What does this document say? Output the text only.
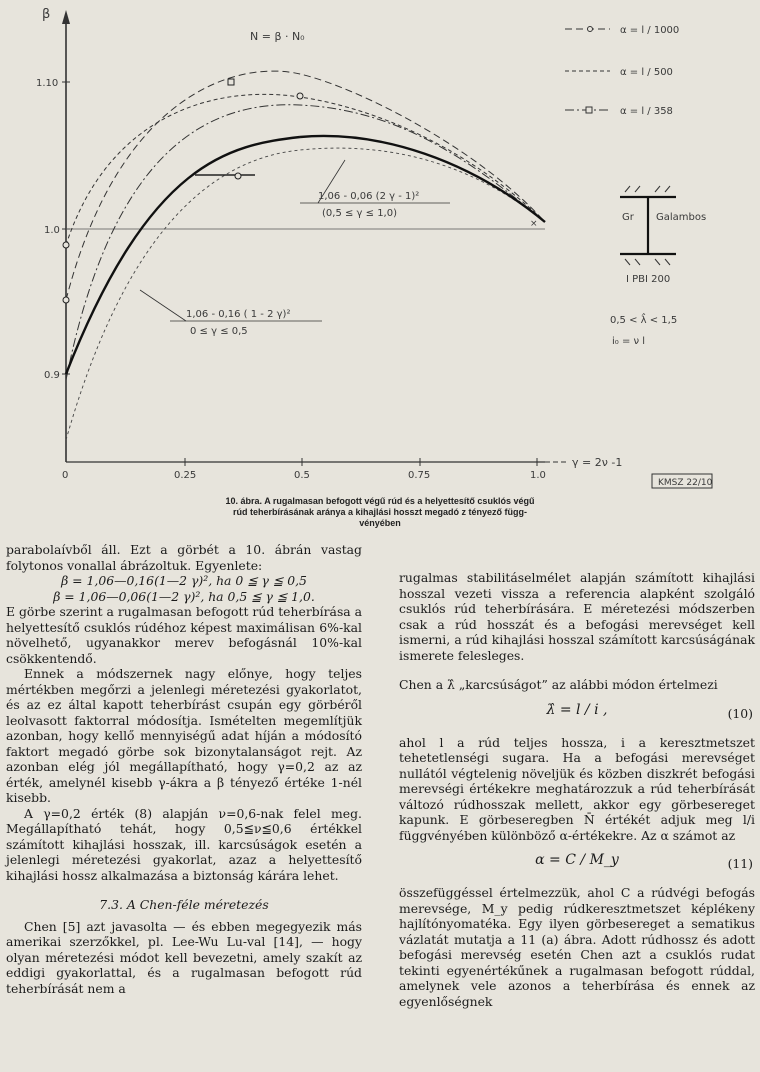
β
γ = 2ν -1
N = β · N₀
1.10
1.0
0.9
0	0.25	0.5	0.75	1.0
×
1,06 - 0,06 (2 γ - 1)²
(0,5 ≤ γ ≤ 1,0)
1,06 - 0,16 ( 1 - 2 γ)²
0 ≤ γ ≤ 0,5
α = l / 1000
α = l / 500
α = l / 358
Gr Galambos
I PBI 200
0,5 < λ̂ < 1,5
i₀ = ν l
KMSZ 22/10

10. ábra. A rugalmasan befogott végű rúd és a helyettesítő csuklós végű

rúd teherbírásának aránya a kihajlási hosszt megadó z tényező függ-

vényében

parabolaívből áll. Ezt a görbét a 10. ábrán vastag folytonos vonallal ábrázoltuk. Egyenlete:

β = 1,06—0,16(1—2 γ)², ha 0 ≦ γ ≦ 0,5

β = 1,06—0,06(1—2 γ)², ha 0,5 ≦ γ ≦ 1,0.

E görbe szerint a rugalmasan befogott rúd teherbírása a helyettesítő csuklós rúdéhoz képest maximálisan 6%-kal növelhető, ugyanakkor merev befogásnál 10%-kal csökkentendő.

Ennek a módszernek nagy előnye, hogy teljes mértékben megőrzi a jelenlegi méretezési gyakorlatot, és az ez által kapott teherbírást csupán egy görbéről leolvasott faktorral módosítja. Ismételten megemlítjük azonban, hogy kellő mennyiségű adat híján a módosító faktort megadó görbe sok bizonytalanságot rejt. Az azonban elég jól megállapítható, hogy γ=0,2 az az érték, amelynél kisebb γ-ákra a β tényező értéke 1-nél kisebb.

A γ=0,2 érték (8) alapján ν=0,6-nak felel meg. Megállapítható tehát, hogy 0,5≦ν≦0,6 értékkel számított kihajlási hosszak, ill. karcsúságok esetén a jelenlegi méretezési gyakorlat, azaz a helyettesítő kihajlási hossz alkalmazása a biztonság kárára lehet.

7.3. A Chen-féle méretezés

Chen [5] azt javasolta — és ebben megegyezik más amerikai szerzőkkel, pl. Lee-Wu Lu-val [14], — hogy olyan méretezési módot kell bevezetni, amely szakít az eddigi gyakorlattal, és a rugalmasan befogott rúd teherbírását nem a

rugalmas stabilitáselmélet alapján számított kihajlási hosszal vezeti vissza a referencia alapként szolgáló csuklós rúd teherbírására. E méretezési módszerben csak a rúd hosszát és a befogási merevséget kell ismerni, a rúd kihajlási hosszal számított karcsúságának ismerete felesleges.

Chen a λ̂ „karcsúságot” az alábbi módon értelmezi

λ̂ = l / i ,	(10)

ahol l a rúd teljes hossza, i a keresztmetszet tehetetlenségi sugara. Ha a befogási merevséget nullától végtelenig növeljük és közben diszkrét befogási merevségi értékekre meghatározzuk a rúd teherbírását változó rúdhosszak mellett, akkor egy görbesereget kapunk. E görbeseregben N̄ értékét adjuk meg l/i függvényében különböző α-értékekre. Az α számot az

α = C / M_y	(11)

összefüggéssel értelmezzük, ahol C a rúdvégi befogás merevsége, M_y pedig rúdkeresztmetszet képlékeny hajlítónyomatéka. Egy ilyen görbesereget a sematikus vázlatát mutatja a 11 (a) ábra. Adott rúdhossz és adott befogási merevség esetén Chen azt a csuklós rudat tekinti egyenértékűnek a rugalmasan befogott rúddal, amelynek vele azonos a teherbírása és ennek az egyenlőségnek
